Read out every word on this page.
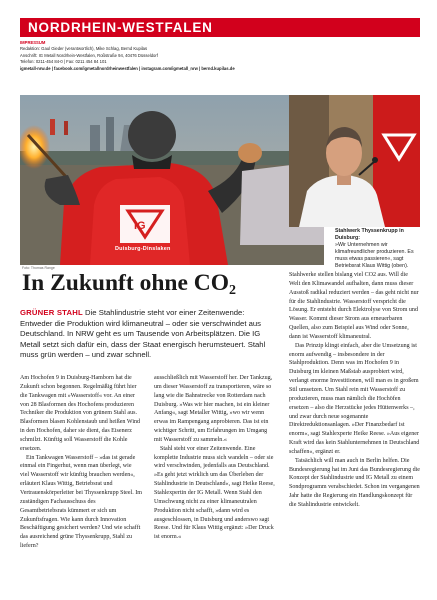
NORDRHEIN-WESTFALEN
IMPRESSUM
Redaktion: Gaul Gieder (verantwortlich), Mike Schlag, Bernd Kupilas
Anschrift: IG Metall Nordrhein-Westfalen, Roßstraße 94, 40476 Düsseldorf
Telefon: 0211-454 84-0 | Fax: 0211 454 84 101
igmetall-nrw.de | facebook.com/igmetallnordrheinwestfalen | instagram.com/igmetall_nrw | bernd.kupilas.de
IG
Duisburg-Dinslaken
Stahlwerk Thyssenkrupp in Duisburg:
»Wir Unternehmen wir klimafreundlicher produzieren. Es muss etwas passieren«, sagt Betriebsrat Klaus Wittig (oben).
Foto: Thomas Range
In Zukunft ohne $CO_2$
GRÜNER STAHL Die Stahlindustrie steht vor einer Zeitenwende: Entweder die Produktion wird klimaneutral – oder sie verschwindet aus Deutschland. In NRW geht es um Tausende von Arbeitsplätzen. Die IG Metall setzt sich dafür ein, dass der Staat energisch herumsteuert. Stahl muss grün werden – und zwar schnell.

Am Hochofen 9 in Duisburg-Hamborn hat die Zukunft schon begonnen. Regelmäßig führt hier die Tankwagen mit »Wasserstoff« vor. An einer von 28 Blasformen des Hochofens produzieren Techniker die Produktion von grünem Stahl aus. Blasformen blasen Kohlenstaub und heißen Wind in den Hochofen, daher sie dient, das Eisenerz schmilzt. Künftig soll Wasserstoff die Kohle ersetzen.

Ein Tankwagen Wasserstoff – »das ist gerade einmal ein Fingerhut, wenn man überlegt, wie viel Wasserstoff wir künftig brauchen werden«, erläutert Klaus Wittig, Betriebsrat und Vertrauenskörperleiter bei Thyssenkrupp Steel. Im zuständigen Fachausschuss des Gesamtbetriebsrats kümmert er sich um Zukunftsfragen. Wie kann durch Innovation Beschäftigung gesichert werden? Und wie schafft das ausreichend grüne Thyssenkrupp, Stahl zu liefern?

ausschließlich mit Wasserstoff her. Der Tankzug, um dieser Wasserstoff zu transportieren, wäre so lang wie die Bahnstrecke von Rotterdam nach Duisburg. »Was wir hier machen, ist ein kleiner Anfang«, sagt Metaller Wittig, »wo wir wenn erwas im Rampengang anprobieren. Das ist ein wichtiger Schritt, um Erfahrungen im Umgang mit Wasserstoff zu sammeln.«

Stahl steht vor einer Zeitenwende. Eine komplette Industrie muss sich wandeln – oder sie wird verschwinden, jedenfalls aus Deutschland. »Es geht jetzt wirklich um das Überleben der Stahlindustrie in Deutschland«, sagt Heike Reese, Stahlexpertin der IG Metall. Wenn Stahl den Umschwung nicht zu einer klimaneutralen Produktion nicht schafft, »dann wird es ausgeschlossen, in Duisburg und anderswo sagt Reese. Und für Klaus Wittig ergänzt: »Der Druck ist enorm.«

Stahlwerke stellen bislang viel CO2 aus. Will die Welt den Klimawandel aufhalten, dann muss dieser Ausstoß radikal reduziert werden – das geht nicht nur für die Stahlindustrie. Wasserstoff verspricht die Lösung. Er entsteht durch Elektrolyse von Strom und Wasser. Kommt dieser Strom aus erneuerbaren Quellen, also zum Beispiel aus Wind oder Sonne, dann ist Wasserstoff klimaneutral.

Das Prinzip klingt einfach, aber die Umsetzung ist enorm aufwendig – insbesondere in der Stahlproduktion. Denn was im Hochofen 9 in Duisburg im kleinen Maßstab ausprobiert wird, verlangt enorme Investitionen, will man es in großem Stil umsetzen. Um Stahl rein mit Wasserstoff zu produzieren, muss man nämlich die Hochöfen ersetzen – also die Herzstücke jedes Hüttenwerks –, und zwar durch neue sogenannte Direktreduktionsanlagen. »Der Finanzbedarf ist enorm«, sagt Stahlexperte Heike Reese. »Aus eigener Kraft wird das kein Stahlunternehmen in Deutschland schaffen«, ergänzt er.

Tatsächlich will man auch in Berlin helfen. Die Bundesregierung hat im Juni das Bundesregierung die Konzept der Stahlindustrie und IG Metall zu einem Sondprogramm verabschiedet. Schon im vergangenen Jahr hatte die Regierung ein Handlungskonzept für die Stahlindustrie entwickelt.
